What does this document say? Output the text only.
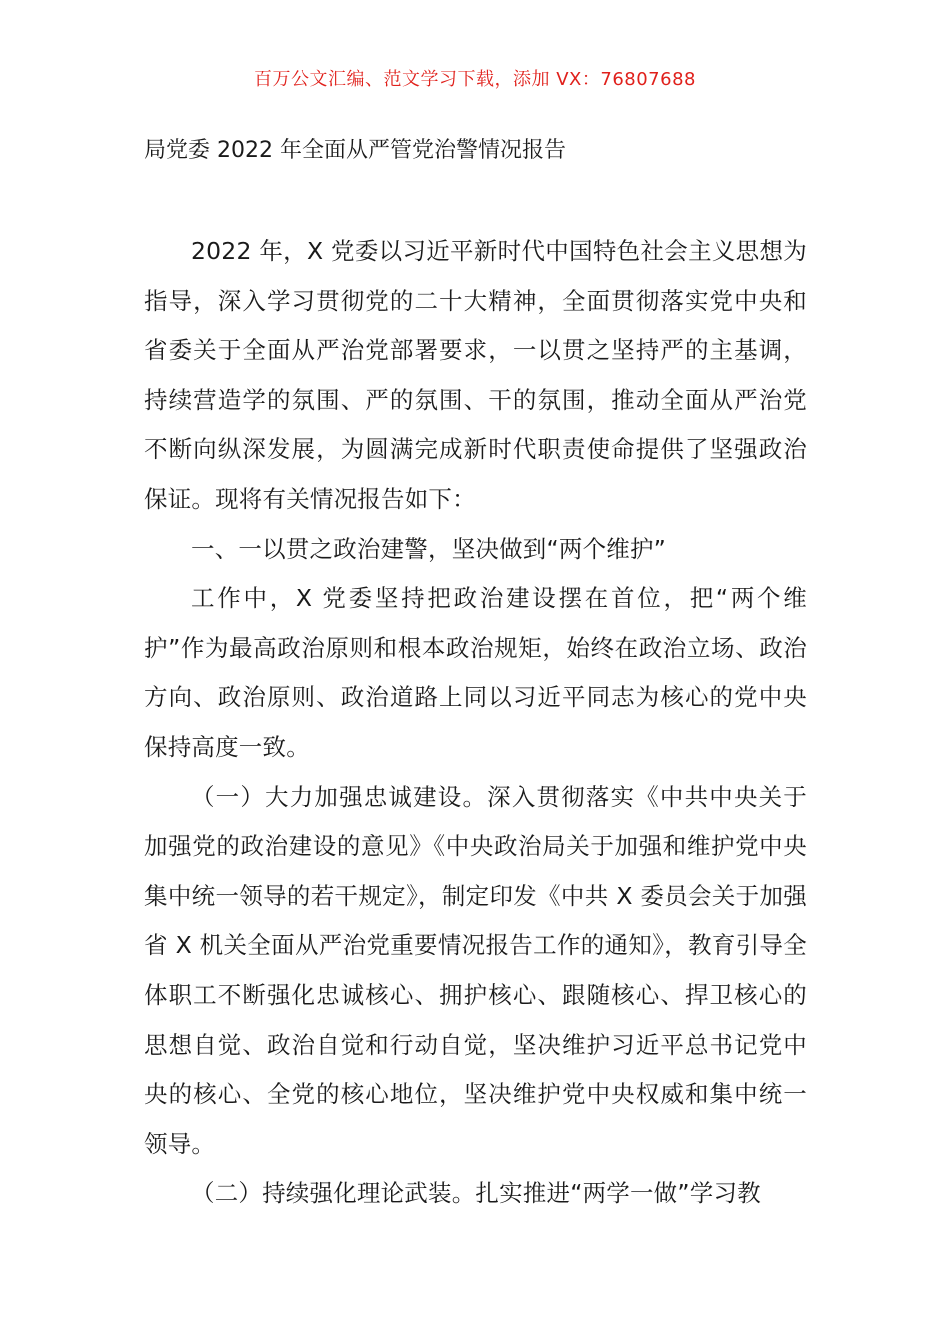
百万公文汇编、范文学习下载，添加 VX：76807688
局党委 2022 年全面从严管党治警情况报告

2022 年，X 党委以习近平新时代中国特色社会主义思想为指导，深入学习贯彻党的二十大精神，全面贯彻落实党中央和省委关于全面从严治党部署要求，一以贯之坚持严的主基调，持续营造学的氛围、严的氛围、干的氛围，推动全面从严治党不断向纵深发展，为圆满完成新时代职责使命提供了坚强政治保证。现将有关情况报告如下：

一、一以贯之政治建警，坚决做到“两个维护”

工作中，X 党委坚持把政治建设摆在首位，把“两个维护”作为最高政治原则和根本政治规矩，始终在政治立场、政治方向、政治原则、政治道路上同以习近平同志为核心的党中央保持高度一致。

（一）大力加强忠诚建设。深入贯彻落实《中共中央关于加强党的政治建设的意见》《中央政治局关于加强和维护党中央集中统一领导的若干规定》，制定印发《中共 X 委员会关于加强省 X 机关全面从严治党重要情况报告工作的通知》，教育引导全体职工不断强化忠诚核心、拥护核心、跟随核心、捍卫核心的思想自觉、政治自觉和行动自觉，坚决维护习近平总书记党中央的核心、全党的核心地位，坚决维护党中央权威和集中统一领导。

（二）持续强化理论武装。扎实推进“两学一做”学习教
